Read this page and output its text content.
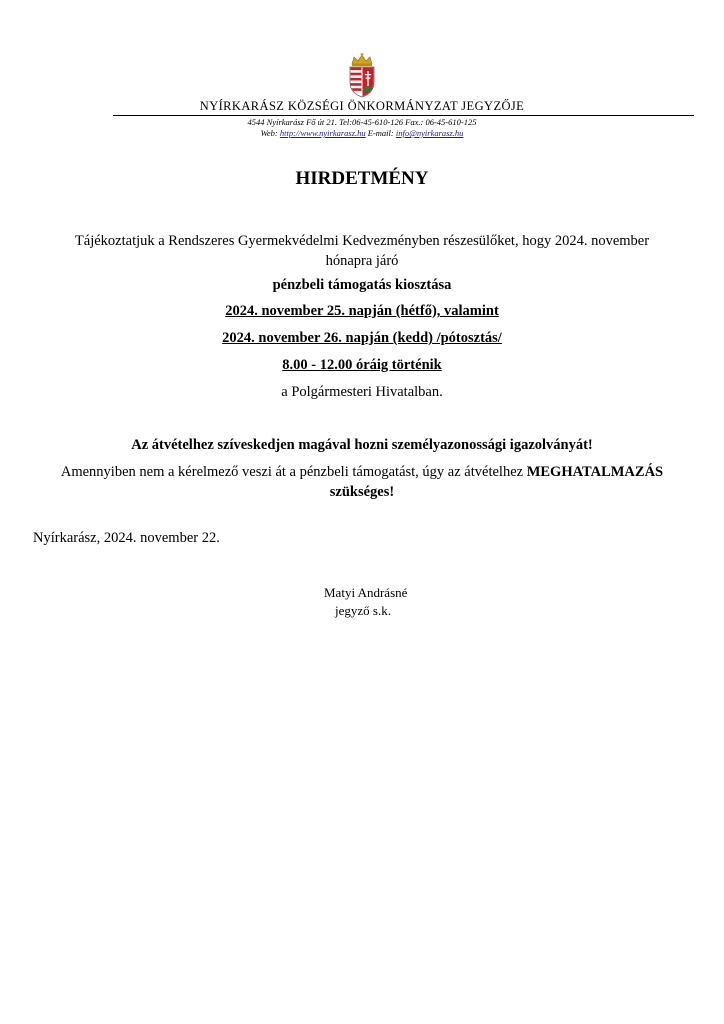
NYÍRKARÁSZ KÖZSÉGI ÖNKORMÁNYZAT JEGYZŐJE
4544 Nyírkarász Fő út 21. Tel:06-45-610-126 Fax.: 06-45-610-125
Web: http://www.nyirkarasz.hu E-mail: info@nyirkarasz.hu
HIRDETMÉNY
Tájékoztatjuk a Rendszeres Gyermekvédelmi Kedvezményben részesülőket, hogy 2024. november
hónapra járó
pénzbeli támogatás kiosztása
2024. november 25. napján (hétfő), valamint
2024. november 26. napján (kedd) /pótosztás/
8.00 - 12.00 óráig történik
a Polgármesteri Hivatalban.
Az átvételhez szíveskedjen magával hozni személyazonossági igazolványát!
Amennyiben nem a kérelmező veszi át a pénzbeli támogatást, úgy az átvételhez MEGHATALMAZÁS
szükséges!
Nyírkarász, 2024. november 22.
Matyi Andrásné
jegyző s.k.
